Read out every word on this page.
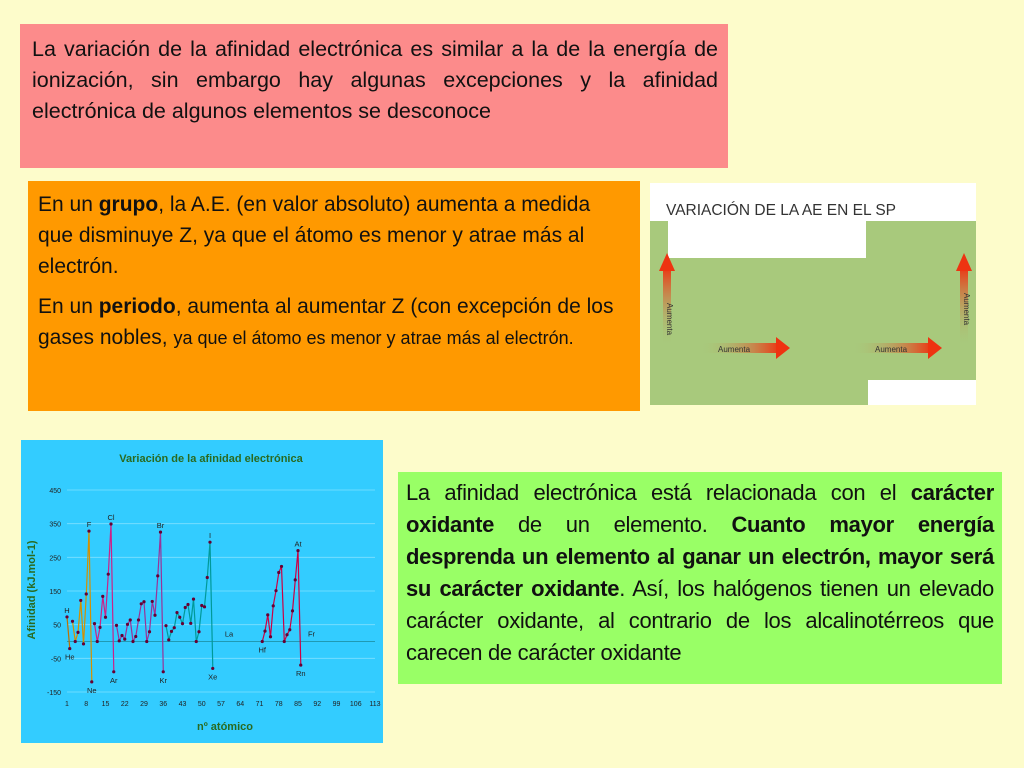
La variación de la afinidad electrónica es similar a la de la energía de ionización, sin embargo hay algunas excepciones y la afinidad electrónica de algunos elementos se desconoce

En un grupo, la A.E. (en valor absoluto) aumenta a medida que disminuye Z, ya que el átomo es menor y atrae más al electrón.

En un periodo, aumenta al aumentar Z (con excepción de los gases nobles, ya que el átomo es menor y atrae más al electrón.

VARIACIÓN DE LA AE EN EL SP
Aumenta	Aumenta
Aumenta	Aumenta
Variación de la afinidad electrónica
nº atómico
Afinidad (kJ.mol-1)
450
350
250
150
50
-50
-150
1 8 15 22 29 36 43 50 57 64 71 78 85 92 99 106 113
H
He
F
Ne
Cl
Ar
Br
Kr
I
Xe
La
Hf
At
Fr
Rn
La afinidad electrónica está relacionada con el carácter oxidante de un elemento. Cuanto mayor energía desprenda un elemento al ganar un electrón, mayor será su carácter oxidante. Así, los halógenos tienen un elevado carácter oxidante, al contrario de los alcalinotérreos que carecen de carácter oxidante
